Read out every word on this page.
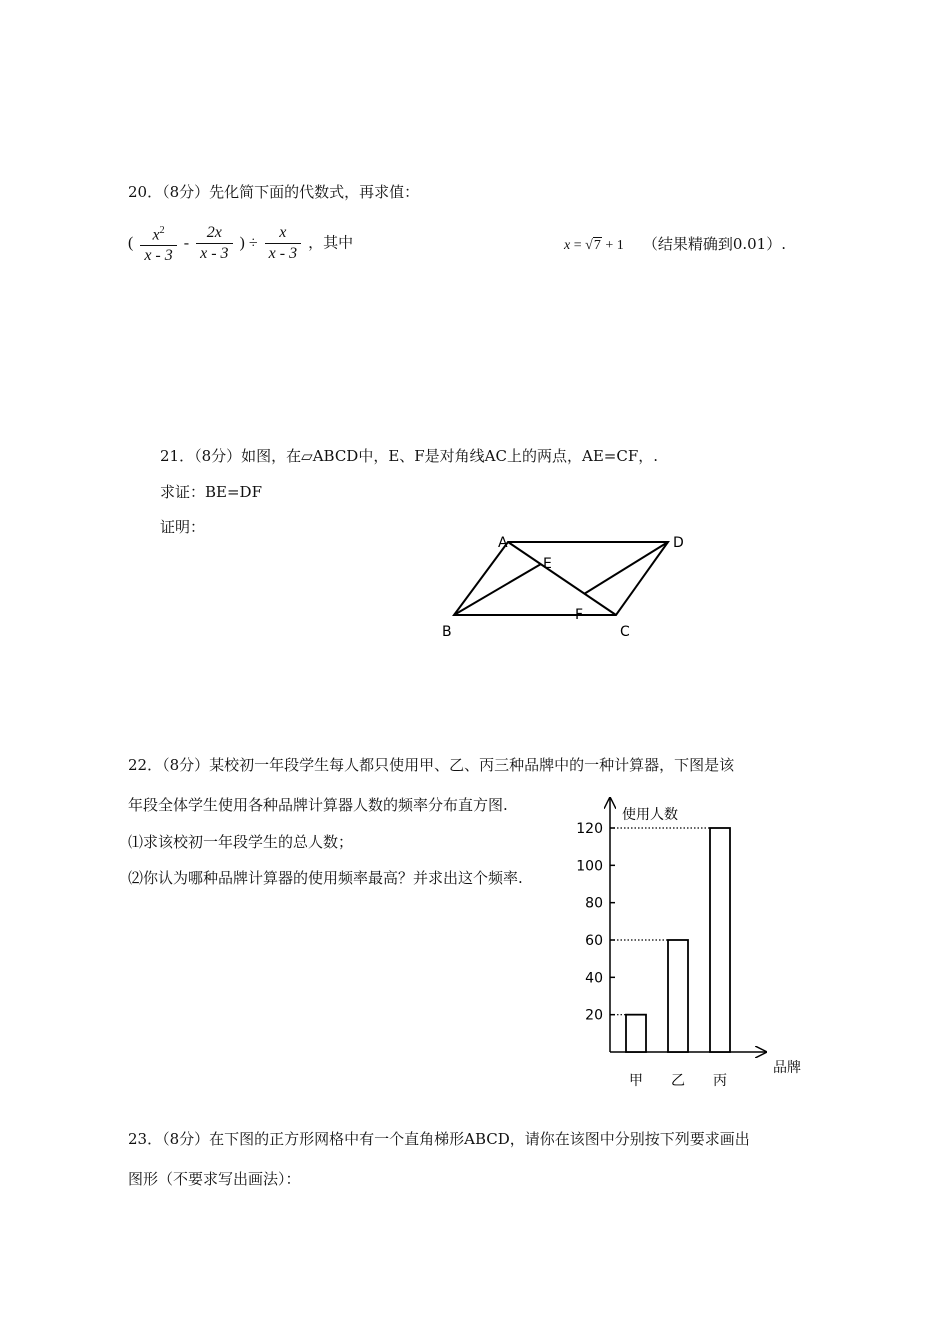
20．（8分）先化简下面的代数式，再求值：
( $\frac{x^2}{x - 3} - \frac{2x}{x - 3}$ ) ÷ $\frac{x}{x - 3}$ ，其中	x = √7 + 1 （结果精确到0.01）.
21．（8分）如图，在▱ABCD中，E、F是对角线AC上的两点，AE=CF，.
求证：BE=DF
证明：
A	D
E
F
B	C
22．（8分）某校初一年段学生每人都只使用甲、乙、丙三种品牌中的一种计算器，下图是该
年段全体学生使用各种品牌计算器人数的频率分布直方图.
⑴求该校初一年段学生的总人数；
⑵你认为哪种品牌计算器的使用频率最高？并求出这个频率.
使用人数
品牌
20
40
60
80
100
120
甲 乙 丙
23．（8分）在下图的正方形网格中有一个直角梯形ABCD，请你在该图中分别按下列要求画出
图形（不要求写出画法）：
